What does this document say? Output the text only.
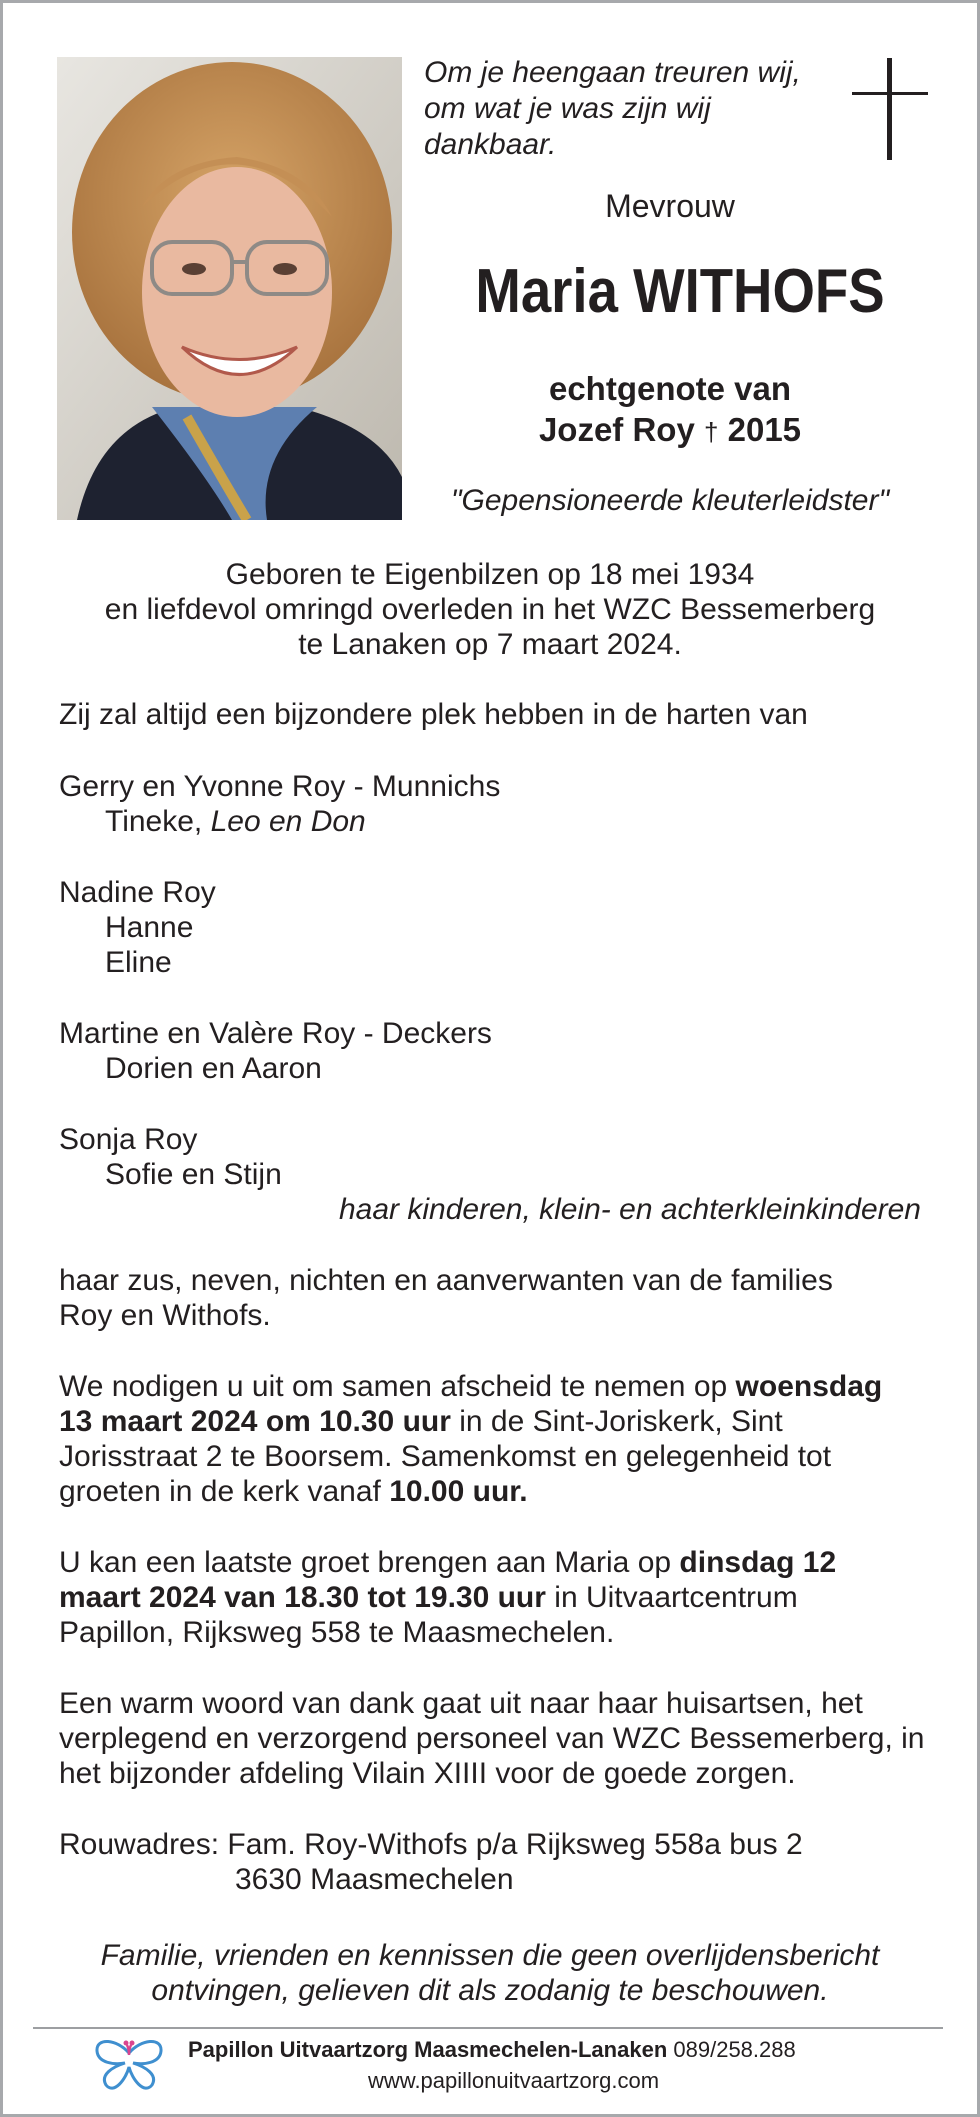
Om je heengaan treuren wij,
om wat je was zijn wij
dankbaar.
Mevrouw
Maria WITHOFS
echtgenote van
Jozef Roy † 2015
"Gepensioneerde kleuterleidster"
Geboren te Eigenbilzen op 18 mei 1934
en liefdevol omringd overleden in het WZC Bessemerberg
te Lanaken op 7 maart 2024.
Zij zal altijd een bijzondere plek hebben in de harten van
Gerry en Yvonne Roy - Munnichs
Tineke, Leo en Don
Nadine Roy
Hanne
Eline
Martine en Valère Roy - Deckers
Dorien en Aaron
Sonja Roy
Sofie en Stijn
haar kinderen, klein- en achterkleinkinderen
haar zus, neven, nichten en aanverwanten van de families Roy en Withofs.
We nodigen u uit om samen afscheid te nemen op woensdag 13 maart 2024 om 10.30 uur in de Sint-Joriskerk, Sint Jorisstraat 2 te Boorsem. Samenkomst en gelegenheid tot groeten in de kerk vanaf 10.00 uur.
U kan een laatste groet brengen aan Maria op dinsdag 12 maart 2024 van 18.30 tot 19.30 uur in Uitvaartcentrum Papillon, Rijksweg 558 te Maasmechelen.
Een warm woord van dank gaat uit naar haar huisartsen, het verplegend en verzorgend personeel van WZC Bessemerberg, in het bijzonder afdeling Vilain XIIII voor de goede zorgen.
Rouwadres: Fam. Roy-Withofs p/a Rijksweg 558a bus 2
3630 Maasmechelen
Familie, vrienden en kennissen die geen overlijdensbericht
ontvingen, gelieven dit als zodanig te beschouwen.
Papillon Uitvaartzorg Maasmechelen-Lanaken 089/258.288
www.papillonuitvaartzorg.com
